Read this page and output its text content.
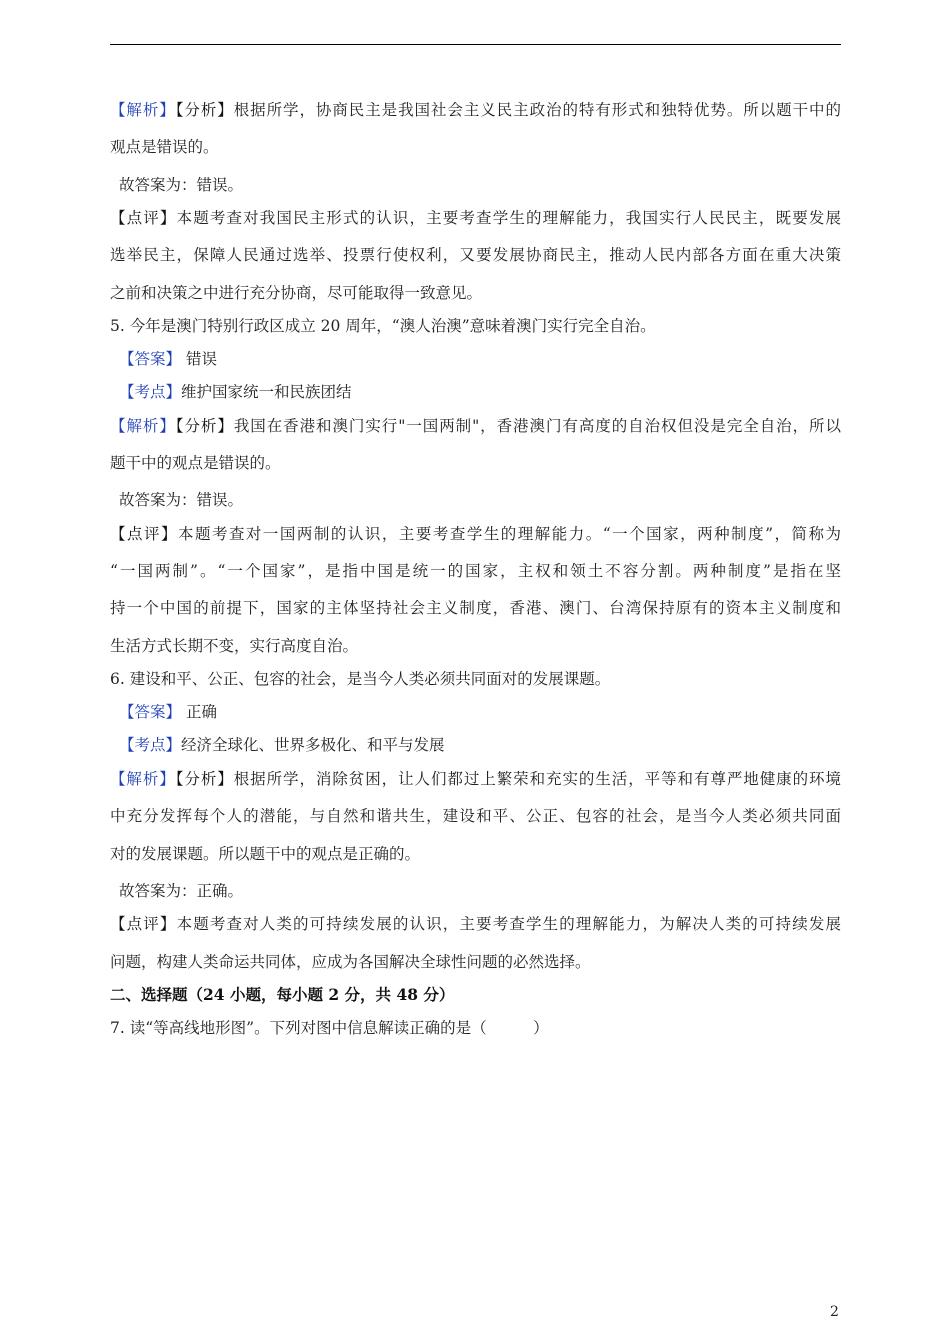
【解析】【分析】根据所学，协商民主是我国社会主义民主政治的特有形式和独特优势。所以题干中的
观点是错误的。
故答案为：错误。
【点评】本题考查对我国民主形式的认识，主要考查学生的理解能力，我国实行人民民主，既要发展
选举民主，保障人民通过选举、投票行使权利，又要发展协商民主，推动人民内部各方面在重大决策
之前和决策之中进行充分协商，尽可能取得一致意见。
5. 今年是澳门特别行政区成立 20 周年，“澳人治澳”意味着澳门实行完全自治。
【答案】 错误
【考点】维护国家统一和民族团结
【解析】【分析】我国在香港和澳门实行"一国两制"，香港澳门有高度的自治权但没是完全自治，所以
题干中的观点是错误的。
故答案为：错误。
【点评】本题考查对一国两制的认识，主要考查学生的理解能力。“一个国家，两种制度”，简称为
“一国两制”。“一个国家”，是指中国是统一的国家，主权和领土不容分割。两种制度”是指在坚
持一个中国的前提下，国家的主体坚持社会主义制度，香港、澳门、台湾保持原有的资本主义制度和
生活方式长期不变，实行高度自治。
6. 建设和平、公正、包容的社会，是当今人类必须共同面对的发展课题。
【答案】 正确
【考点】经济全球化、世界多极化、和平与发展
【解析】【分析】根据所学，消除贫困，让人们都过上繁荣和充实的生活，平等和有尊严地健康的环境
中充分发挥每个人的潜能，与自然和谐共生，建设和平、公正、包容的社会，是当今人类必须共同面
对的发展课题。所以题干中的观点是正确的。
故答案为：正确。
【点评】本题考查对人类的可持续发展的认识，主要考查学生的理解能力，为解决人类的可持续发展
问题，构建人类命运共同体，应成为各国解决全球性问题的必然选择。
二、选择题（24 小题，每小题 2 分，共 48 分）
7. 读“等高线地形图”。下列对图中信息解读正确的是（　　　）
2
